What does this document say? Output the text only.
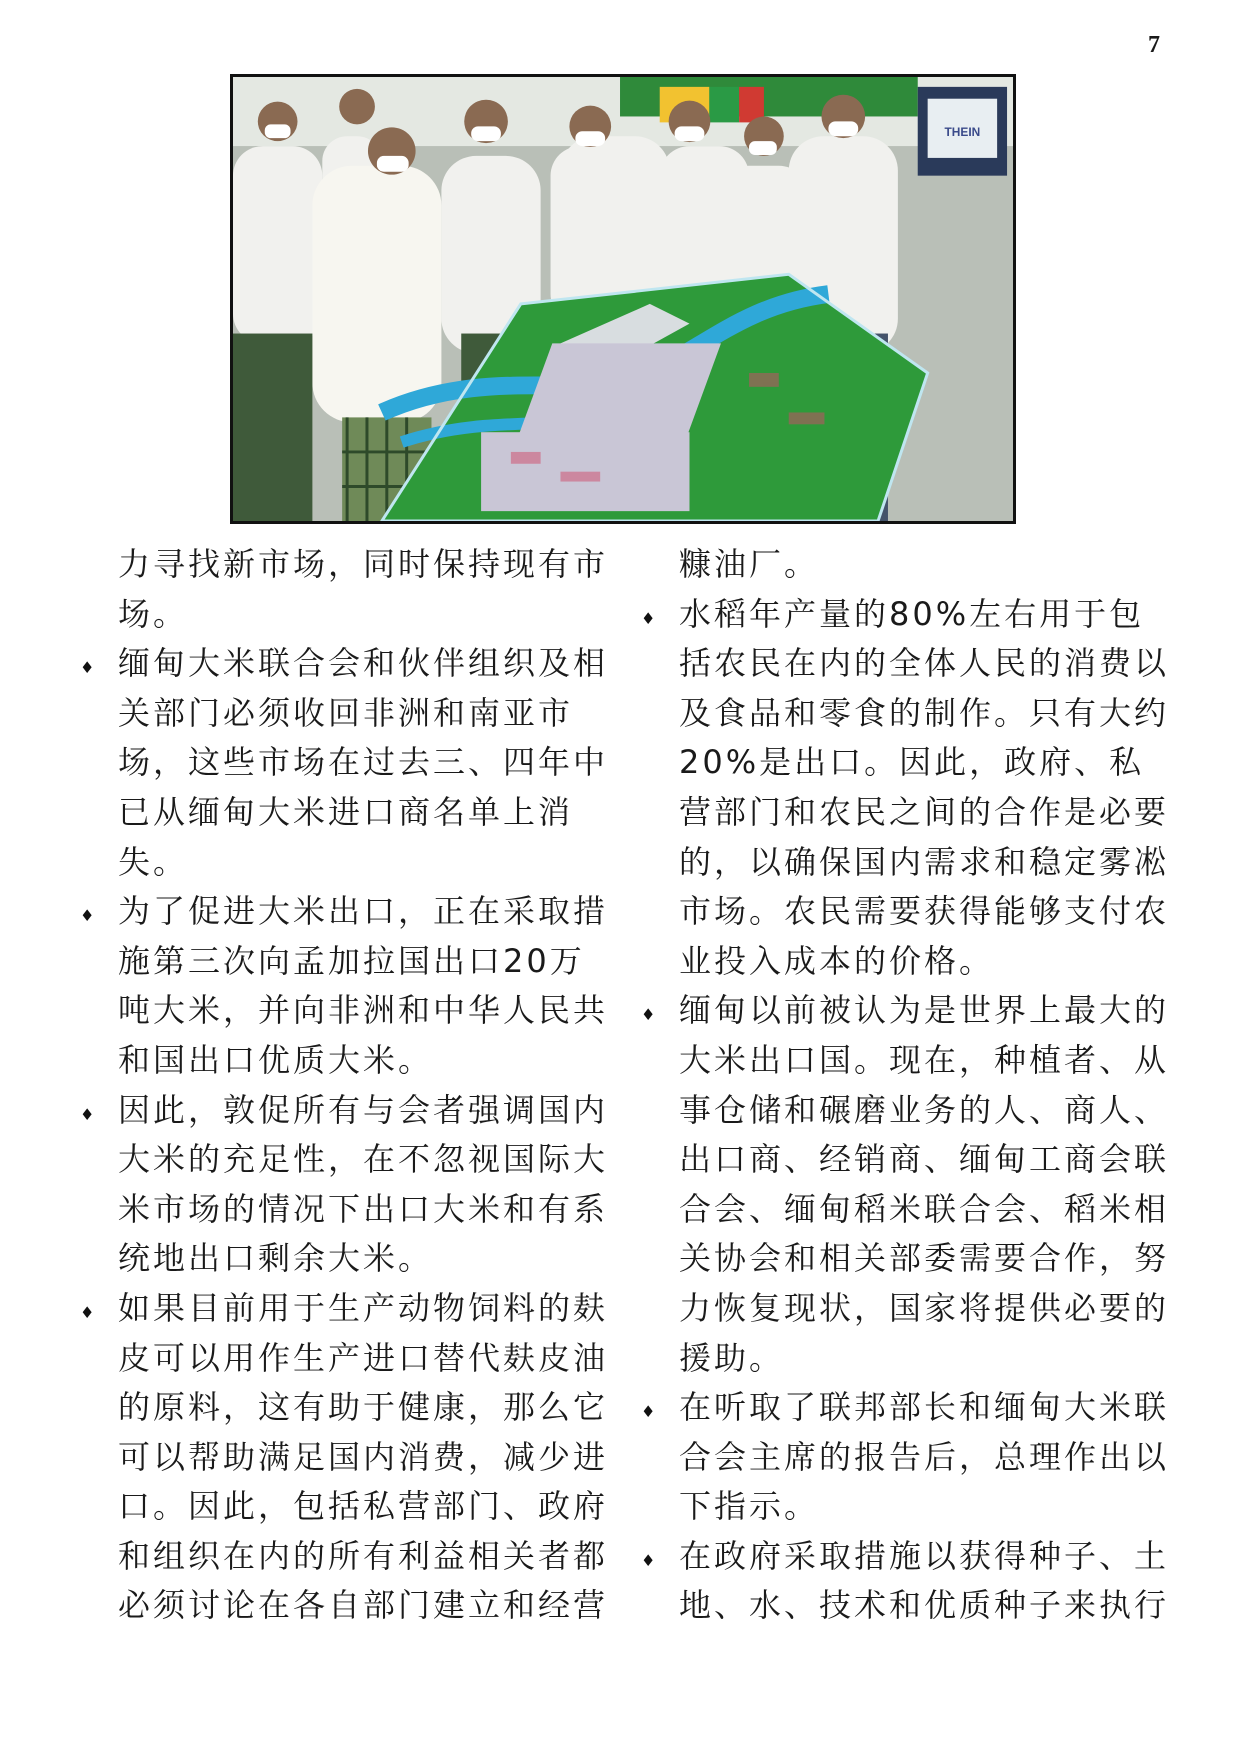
7
THEIN

力寻找新市场，同时保持现有市场。

♦ 缅甸大米联合会和伙伴组织及相关部门必须收回非洲和南亚市场，这些市场在过去三、四年中已从缅甸大米进口商名单上消失。

♦ 为了促进大米出口，正在采取措施第三次向孟加拉国出口20万吨大米，并向非洲和中华人民共和国出口优质大米。

♦ 因此，敦促所有与会者强调国内大米的充足性，在不忽视国际大米市场的情况下出口大米和有系统地出口剩余大米。

♦ 如果目前用于生产动物饲料的麸皮可以用作生产进口替代麸皮油的原料，这有助于健康，那么它可以帮助满足国内消费，减少进口。因此，包括私营部门、政府和组织在内的所有利益相关者都必须讨论在各自部门建立和经营

糠油厂。

♦ 水稻年产量的80%左右用于包括农民在内的全体人民的消费以及食品和零食的制作。只有大约20%是出口。因此，政府、私营部门和农民之间的合作是必要的，以确保国内需求和稳定雾凇市场。农民需要获得能够支付农业投入成本的价格。

♦ 缅甸以前被认为是世界上最大的大米出口国。现在，种植者、从事仓储和碾磨业务的人、商人、出口商、经销商、缅甸工商会联合会、缅甸稻米联合会、稻米相关协会和相关部委需要合作，努力恢复现状，国家将提供必要的援助。

♦ 在听取了联邦部长和缅甸大米联合会主席的报告后，总理作出以下指示。

♦ 在政府采取措施以获得种子、土地、水、技术和优质种子来执行
